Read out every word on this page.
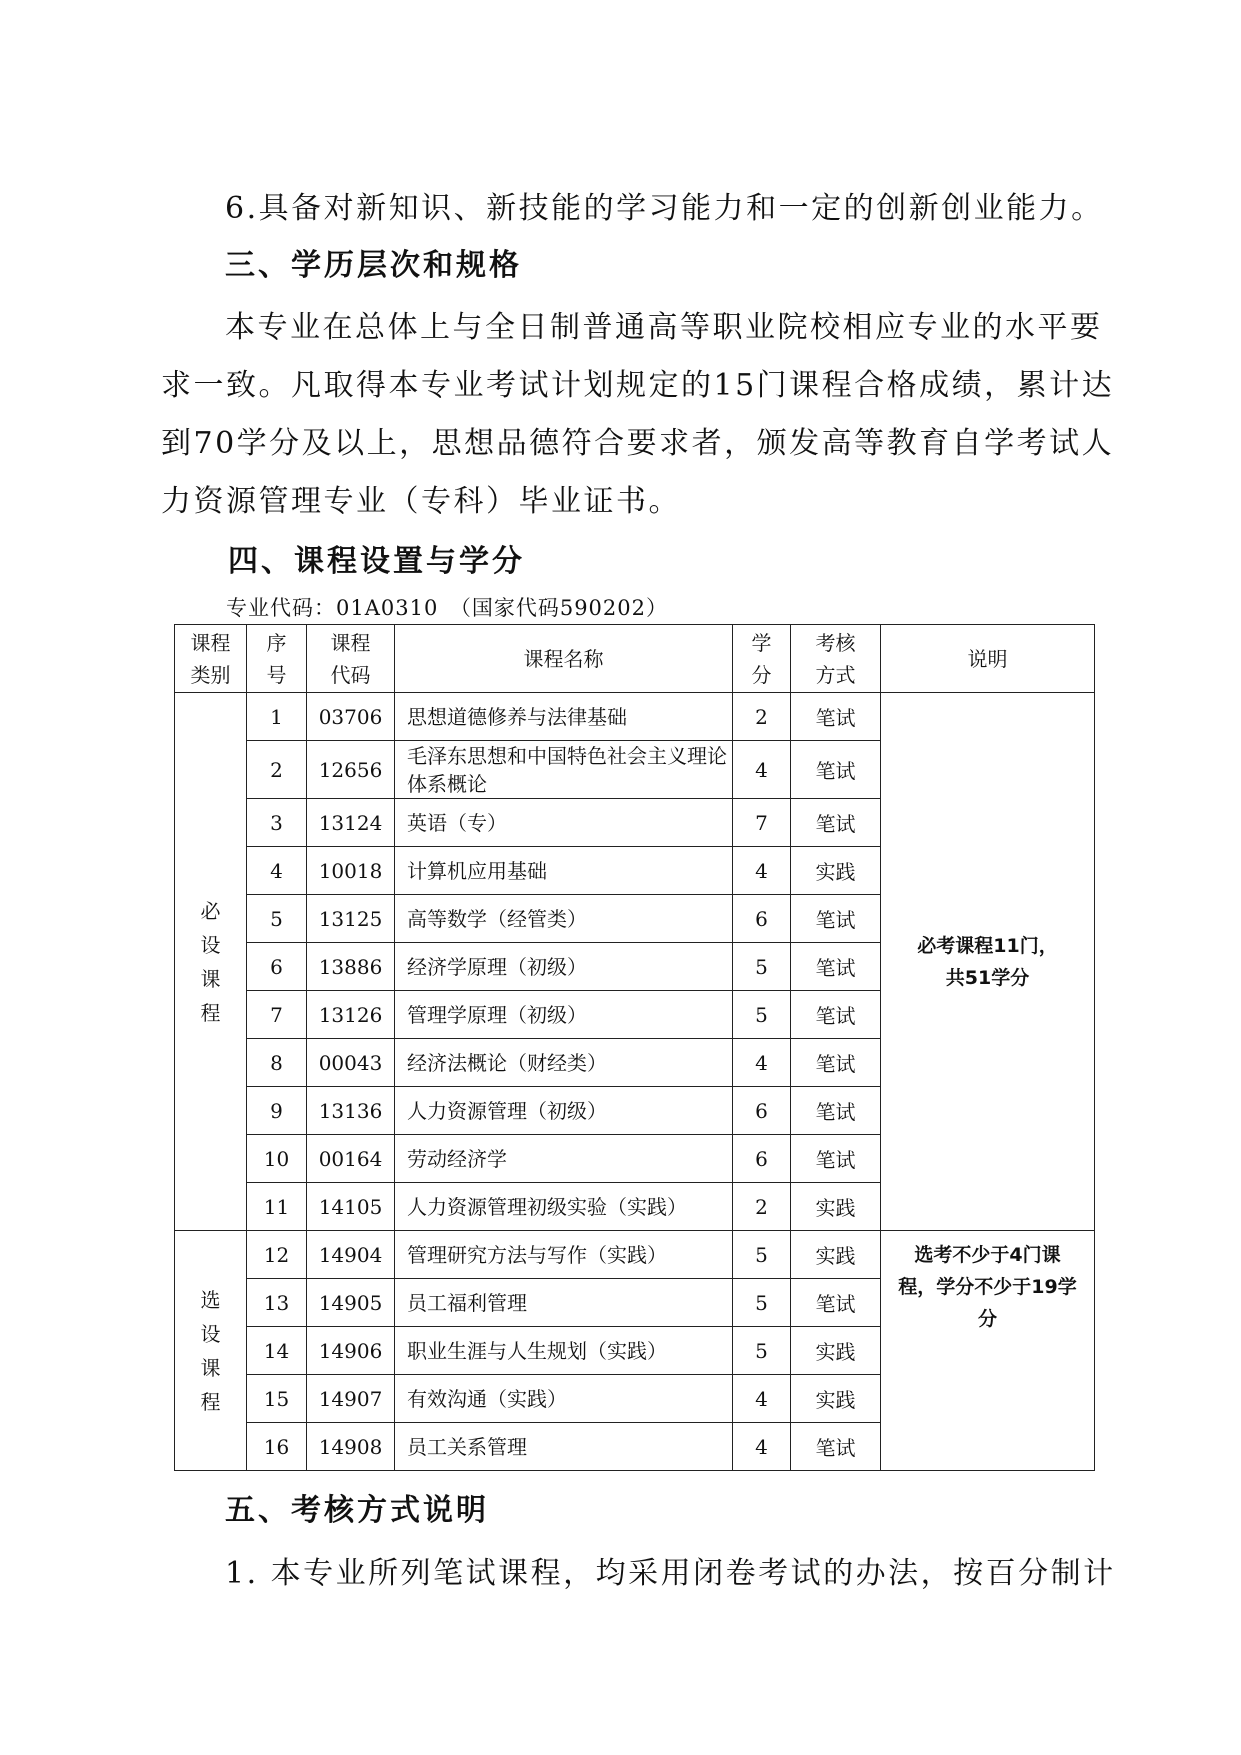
6.具备对新知识、新技能的学习能力和一定的创新创业能力。
三、学历层次和规格
本专业在总体上与全日制普通高等职业院校相应专业的水平要
求一致。凡取得本专业考试计划规定的15门课程合格成绩，累计达
到70学分及以上，思想品德符合要求者，颁发高等教育自学考试人
力资源管理专业（专科）毕业证书。
四、课程设置与学分
专业代码：01A0310　（国家代码590202）
课程类别	序号	课程代码	课程名称	学分	考核方式	说明
必设课程	1	03706	思想道德修养与法律基础	2	笔试	必考课程11门，共51学分
	2	12656	毛泽东思想和中国特色社会主义理论体系概论	4	笔试	
	3	13124	英语（专）	7	笔试	
	4	10018	计算机应用基础	4	实践	
	5	13125	高等数学（经管类）	6	笔试	
	6	13886	经济学原理（初级）	5	笔试	
	7	13126	管理学原理（初级）	5	笔试	
	8	00043	经济法概论（财经类）	4	笔试	
	9	13136	人力资源管理（初级）	6	笔试	
	10	00164	劳动经济学	6	笔试	
	11	14105	人力资源管理初级实验（实践）	2	实践	
选设课程	12	14904	管理研究方法与写作（实践）	5	实践	选考不少于4门课程，学分不少于19学分
	13	14905	员工福利管理	5	笔试	
	14	14906	职业生涯与人生规划（实践）	5	实践	
	15	14907	有效沟通（实践）	4	实践	
	16	14908	员工关系管理	4	笔试	
五、考核方式说明
1. 本专业所列笔试课程，均采用闭卷考试的办法，按百分制计
